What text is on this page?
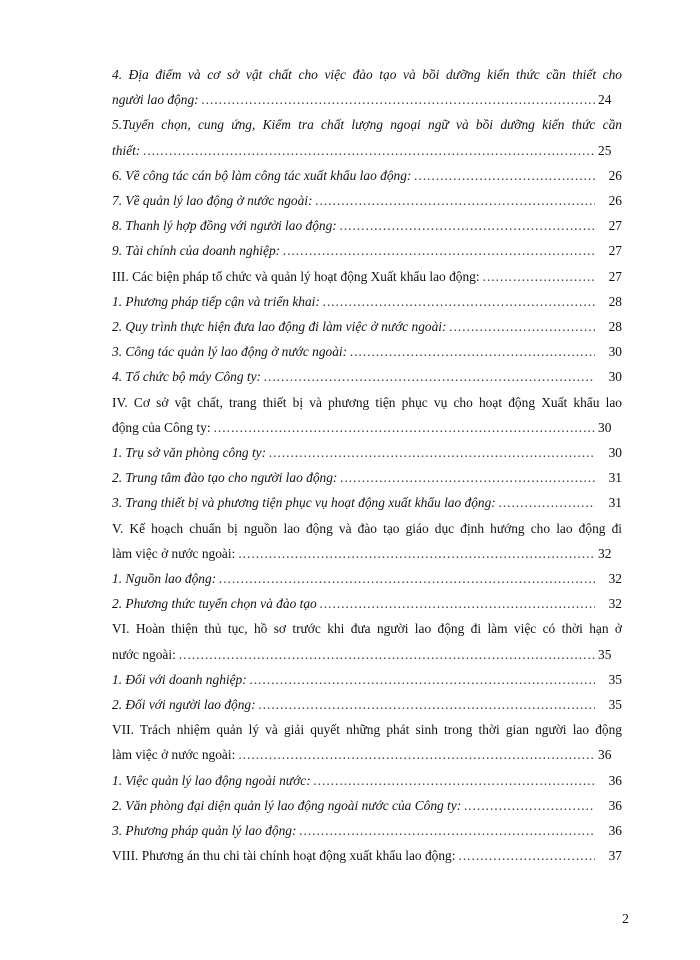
4. Địa điểm và cơ sở vật chất cho việc đào tạo và bồi dưỡng kiến thức cần thiết cho
người lao động: .....	24
5.Tuyển chọn, cung ứng, Kiểm tra chất lượng ngoại ngữ và bồi dưỡng kiến thức cần
thiết: .....	25
6. Về công tác cán bộ làm công tác xuất khẩu lao động: .....	26
7. Về quản lý lao động ở nước ngoài: .....	26
8. Thanh lý hợp đồng với người lao động: .....	27
9. Tài chính của doanh nghiệp: .....	27
III. Các biện pháp tổ chức và quản lý hoạt động Xuất khẩu lao động: .....	27
1. Phương pháp tiếp cận và triển khai: .....	28
2. Quy trình thực hiện đưa lao động đi làm việc ở nước ngoài: .....	28
3. Công tác quản lý lao động ở nước ngoài: .....	30
4. Tổ chức bộ máy Công ty: .....	30
IV. Cơ sở vật chất, trang thiết bị và phương tiện phục vụ cho hoạt động Xuất khẩu lao
động của Công ty: .....	30
1. Trụ sở văn phòng công ty: .....	30
2. Trung tâm đào tạo cho người lao động: .....	31
3. Trang thiết bị và phương tiện phục vụ hoạt động xuất khẩu lao động: .....	31
V. Kế hoạch chuẩn bị nguồn lao động và đào tạo giáo dục định hướng cho lao động đi
làm việc ở nước ngoài: .....	32
1. Nguồn lao động: .....	32
2. Phương thức tuyển chọn và đào tạo .....	32
VI. Hoàn thiện thủ tục, hồ sơ trước khi đưa người lao động đi làm việc có thời hạn ở
nước ngoài: .....	35
1. Đối với doanh nghiệp: .....	35
2. Đối với người lao động: .....	35
VII. Trách nhiệm quản lý và giải quyết những phát sinh trong thời gian người lao động
làm việc ở nước ngoài: .....	36
1. Việc quản lý lao động ngoài nước: .....	36
2. Văn phòng đại diện quản lý lao động ngoài nước của Công ty: .....	36
3. Phương pháp quản lý lao động: .....	36
VIII. Phương án thu chi tài chính hoạt động xuất khẩu lao động: .....	37
2
